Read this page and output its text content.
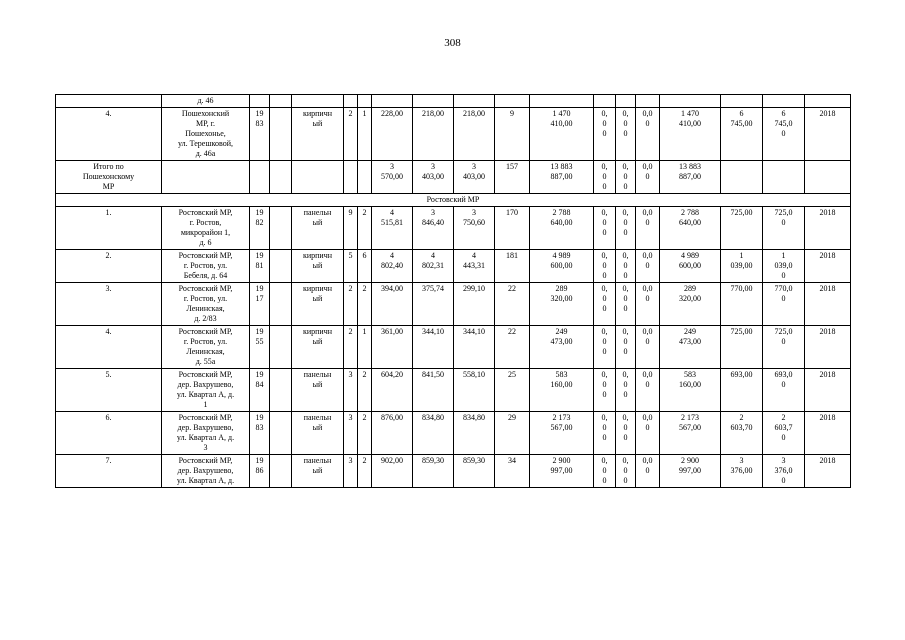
308
	д. 46																	
4.	Пошехонский
МР, г.
Пошехонье,
ул. Терешковой,
д. 46а	19
83		кирпичн
ый	2	1	228,00	218,00	218,00	9	1 470
410,00	0,
0
0	0,
0
0	0,0
0	1 470
410,00	6
745,00	6
745,0
0	2018
Итого по
Пошехонскому
МР							3
570,00	3
403,00	3
403,00	157	13 883
887,00	0,
0
0	0,
0
0	0,0
0	13 883
887,00			
Ростовский МР																		
1.	Ростовский МР,
г. Ростов,
микрорайон 1,
д. 6	19
82		панельн
ый	9	2	4
515,81	3
846,40	3
750,60	170	2 788
640,00	0,
0
0	0,
0
0	0,0
0	2 788
640,00	725,00	725,0
0	2018
2.	Ростовский МР,
г. Ростов, ул.
Бебеля, д. 64	19
81		кирпичн
ый	5	6	4
802,40	4
802,31	4
443,31	181	4 989
600,00	0,
0
0	0,
0
0	0,0
0	4 989
600,00	1
039,00	1
039,0
0	2018
3.	Ростовский МР,
г. Ростов, ул.
Ленинская,
д. 2/83	19
17		кирпичн
ый	2	2	394,00	375,74	299,10	22	289
320,00	0,
0
0	0,
0
0	0,0
0	289
320,00	770,00	770,0
0	2018
4.	Ростовский МР,
г. Ростов, ул.
Ленинская,
д. 55а	19
55		кирпичн
ый	2	1	361,00	344,10	344,10	22	249
473,00	0,
0
0	0,
0
0	0,0
0	249
473,00	725,00	725,0
0	2018
5.	Ростовский МР,
дер. Вахрушево,
ул. Квартал А, д.
1	19
84		панельн
ый	3	2	604,20	841,50	558,10	25	583
160,00	0,
0
0	0,
0
0	0,0
0	583
160,00	693,00	693,0
0	2018
6.	Ростовский МР,
дер. Вахрушево,
ул. Квартал А, д.
3	19
83		панельн
ый	3	2	876,00	834,80	834,80	29	2 173
567,00	0,
0
0	0,
0
0	0,0
0	2 173
567,00	2
603,70	2
603,7
0	2018
7.	Ростовский МР,
дер. Вахрушево,
ул. Квартал А, д.	19
86		панельн
ый	3	2	902,00	859,30	859,30	34	2 900
997,00	0,
0
0	0,
0
0	0,0
0	2 900
997,00	3
376,00	3
376,0
0	2018
